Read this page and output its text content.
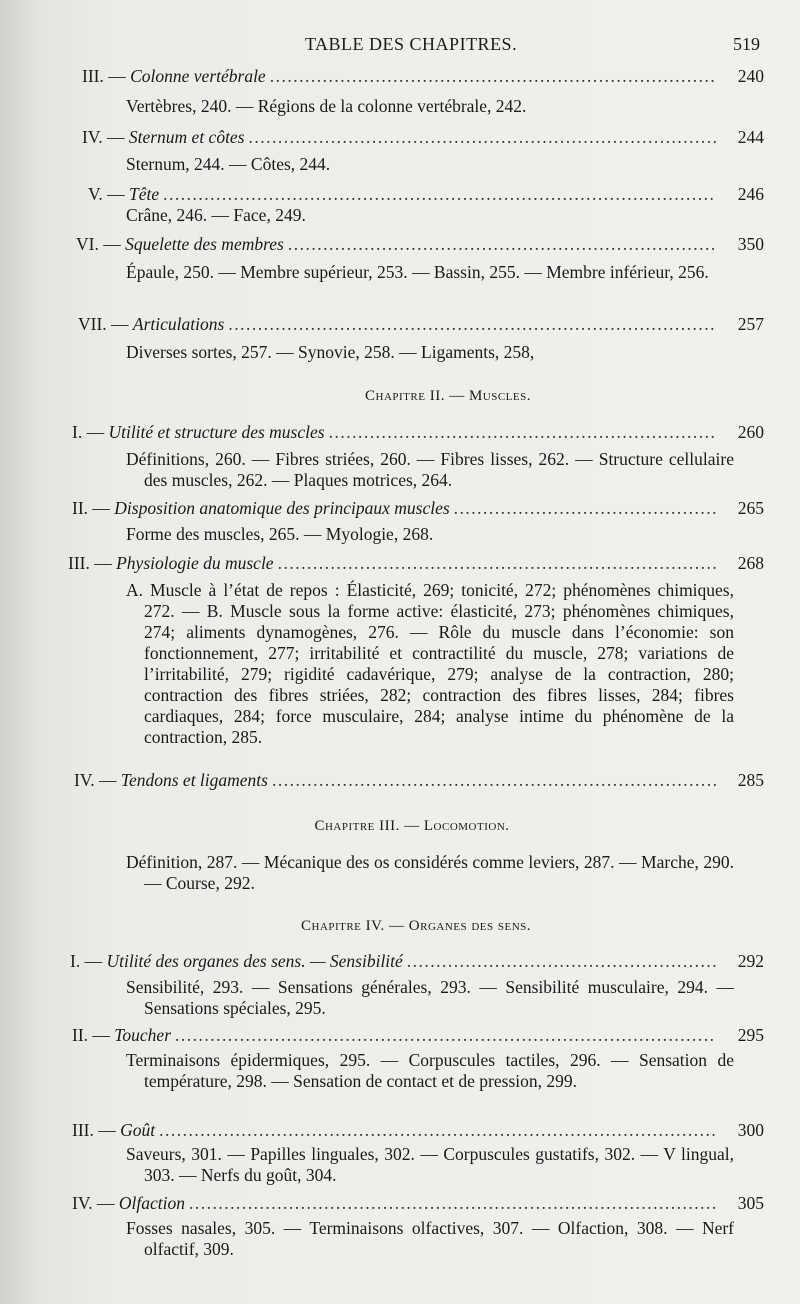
TABLE DES CHAPITRES.	519
III. — Colonne vertébrale .....	240
Vertèbres, 240. — Régions de la colonne vertébrale, 242.
IV. — Sternum et côtes .....	244
Sternum, 244. — Côtes, 244.
V. — Tête .....	246
Crâne, 246. — Face, 249.
VI. — Squelette des membres .....	350
Épaule, 250. — Membre supérieur, 253. — Bassin, 255. — Membre inférieur, 256.
VII. — Articulations .....	257
Diverses sortes, 257. — Synovie, 258. — Ligaments, 258,
Chapitre II. — Muscles.
I. — Utilité et structure des muscles .....	260
Définitions, 260. — Fibres striées, 260. — Fibres lisses, 262. — Structure cellulaire des muscles, 262. — Plaques motrices, 264.
II. — Disposition anatomique des principaux muscles .....	265
Forme des muscles, 265. — Myologie, 268.
III. — Physiologie du muscle .....	268
A. Muscle à l’état de repos : Élasticité, 269; tonicité, 272; phénomènes chimiques, 272. — B. Muscle sous la forme active: élasticité, 273; phénomènes chimiques, 274; aliments dynamogènes, 276. — Rôle du muscle dans l’économie: son fonctionnement, 277; irritabilité et contractilité du muscle, 278; variations de l’irritabilité, 279; rigidité cadavérique, 279; analyse de la contraction, 280; contraction des fibres striées, 282; contraction des fibres lisses, 284; fibres cardiaques, 284; force musculaire, 284; analyse intime du phénomène de la contraction, 285.
IV. — Tendons et ligaments .....	285
Chapitre III. — Locomotion.
Définition, 287. — Mécanique des os considérés comme leviers, 287. — Marche, 290. — Course, 292.
Chapitre IV. — Organes des sens.
I. — Utilité des organes des sens. — Sensibilité .....	292
Sensibilité, 293. — Sensations générales, 293. — Sensibilité musculaire, 294. — Sensations spéciales, 295.
II. — Toucher .....	295
Terminaisons épidermiques, 295. — Corpuscules tactiles, 296. — Sensation de température, 298. — Sensation de contact et de pression, 299.
III. — Goût .....	300
Saveurs, 301. — Papilles linguales, 302. — Corpuscules gustatifs, 302. — V lingual, 303. — Nerfs du goût, 304.
IV. — Olfaction .....	305
Fosses nasales, 305. — Terminaisons olfactives, 307. — Olfaction, 308. — Nerf olfactif, 309.
